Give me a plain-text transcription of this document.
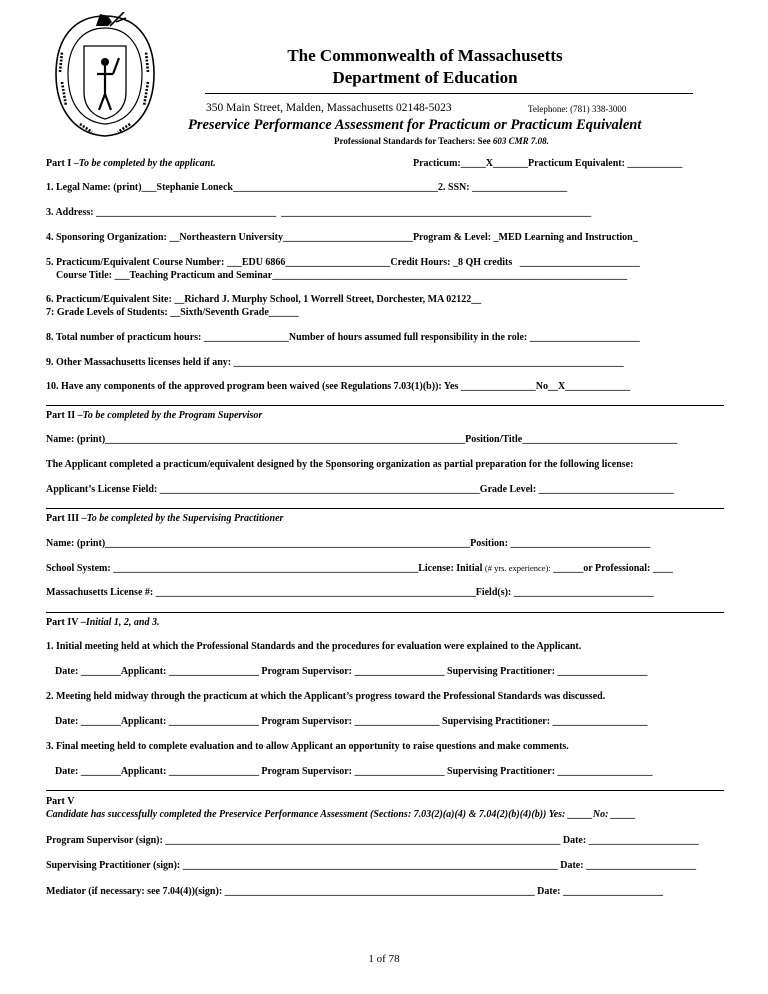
The Commonwealth of Massachusetts
Department of Education
350 Main Street, Malden, Massachusetts 02148-5023	Telephone: (781) 338-3000
Preservice Performance Assessment for Practicum or Practicum Equivalent
Professional Standards for Teachers: See 603 CMR 7.08.
Part I –To be completed by the applicant.	Practicum:_____X_______Practicum Equivalent: ___________
1. Legal Name: (print)___Stephanie Loneck_________________________________________2. SSN: ___________________
3. Address: ____________________________________  ______________________________________________________________
4. Sponsoring Organization: __Northeastern University__________________________Program & Level: _MED Learning and Instruction_
5. Practicum/Equivalent Course Number: ___EDU 6866_____________________Credit Hours: _8 QH credits   ________________________
Course Title: ___Teaching Practicum and Seminar_______________________________________________________________________
6. Practicum/Equivalent Site: __Richard J. Murphy School, 1 Worrell Street, Dorchester, MA 02122__
7: Grade Levels of Students: __Sixth/Seventh Grade______
8. Total number of practicum hours: _________________Number of hours assumed full responsibility in the role: ______________________
9. Other Massachusetts licenses held if any: ______________________________________________________________________________
10. Have any components of the approved program been waived (see Regulations 7.03(1)(b)): Yes _______________No__X_____________
Part II –To be completed by the Program Supervisor
Name: (print)________________________________________________________________________Position/Title_______________________________
The Applicant completed a practicum/equivalent designed by the Sponsoring organization as partial preparation for the following license:
Applicant’s License Field: ________________________________________________________________Grade Level: ___________________________
Part III –To be completed by the Supervising Practitioner
Name: (print)_________________________________________________________________________Position: ____________________________
School System: _____________________________________________________________License: Initial (# yrs. experience): ______or Professional: ____
Massachusetts License #: ________________________________________________________________Field(s): ____________________________
Part IV –Initial 1, 2, and 3.
1. Initial meeting held at which the Professional Standards and the procedures for evaluation were explained to the Applicant.
Date: ________Applicant: __________________ Program Supervisor: __________________ Supervising Practitioner: __________________
2. Meeting held midway through the practicum at which the Applicant’s progress toward the Professional Standards was discussed.
Date: ________Applicant: __________________ Program Supervisor: _________________ Supervising Practitioner: ___________________
3. Final meeting held to complete evaluation and to allow Applicant an opportunity to raise questions and make comments.
Date: ________Applicant: __________________ Program Supervisor: __________________ Supervising Practitioner: ___________________
Part V
Candidate has successfully completed the Preservice Performance Assessment (Sections: 7.03(2)(a)(4) & 7.04(2)(b)(4)(b)) Yes: _____No: _____
Program Supervisor (sign): _______________________________________________________________________________ Date: ______________________
Supervising Practitioner (sign): ___________________________________________________________________________ Date: ______________________
Mediator (if necessary: see 7.04(4))(sign): ______________________________________________________________ Date: ____________________
1 of 78
